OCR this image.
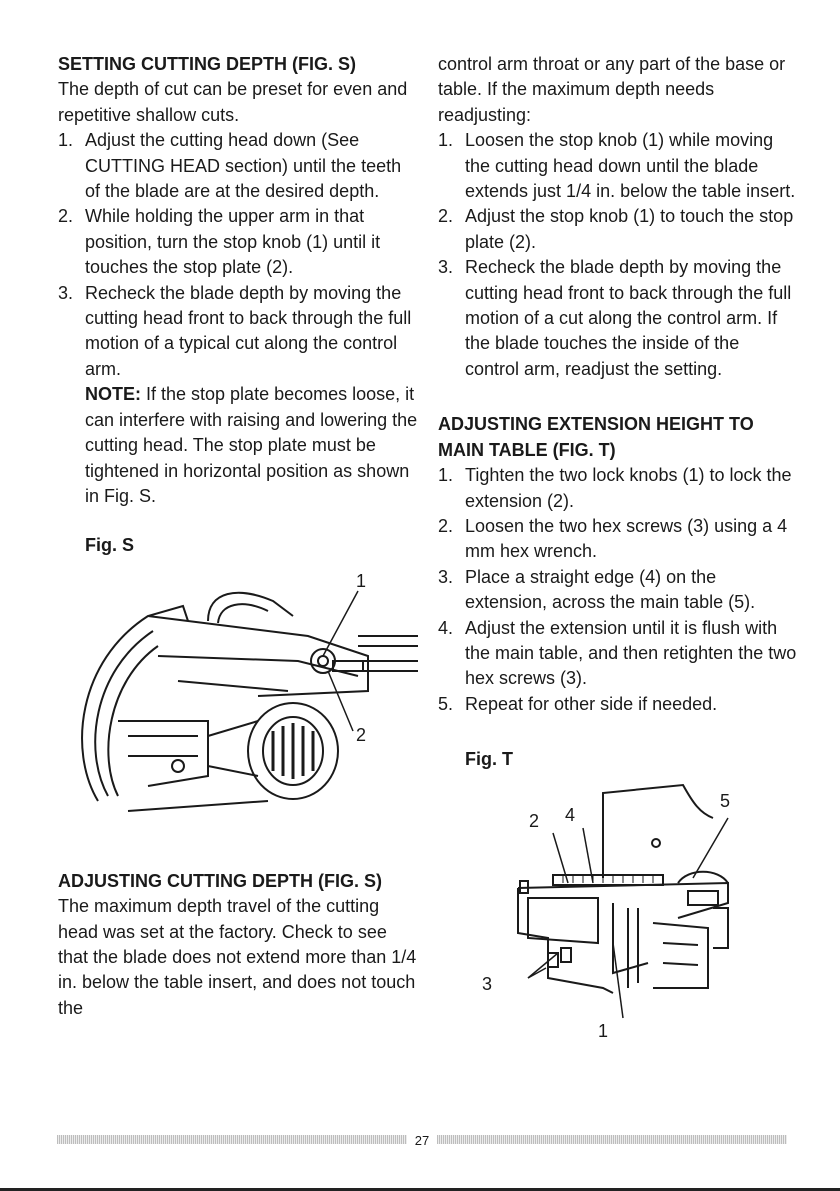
SETTING CUTTING DEPTH (FIG. S)

The depth of cut can be preset for even and repetitive shallow cuts.

1. Adjust the cutting head down (See CUTTING HEAD section) until the teeth of the blade are at the desired depth.
2. While holding the upper arm in that position, turn the stop knob (1) until it touches the stop plate (2).
3. Recheck the blade depth by moving the cutting head front to back through the full motion of a typical cut along the control arm.
NOTE: If the stop plate becomes loose, it can interfere with raising and lowering the cutting head. The stop plate must be tightened in horizontal position as shown in Fig. S.

Fig. S

1
2
ADJUSTING CUTTING DEPTH (FIG. S)

The maximum depth travel of the cutting head was set at the factory. Check to see that the blade does not extend more than 1/4 in. below the table insert, and does not touch the

control arm throat or any part of the base or table. If the maximum depth needs readjusting:

1. Loosen the stop knob (1) while moving the cutting head down until the blade extends just 1/4 in. below the table insert.
2. Adjust the stop knob (1) to touch the stop plate (2).
3. Recheck the blade depth by moving the cutting head front to back through the full motion of a cut along the control arm. If the blade touches the inside of the control arm, readjust the setting.
ADJUSTING EXTENSION HEIGHT TO MAIN TABLE (FIG. T)
1. Tighten the two lock knobs (1) to lock the extension (2).
2. Loosen the two hex screws (3) using a 4 mm hex wrench.
3. Place a straight edge (4) on the extension, across the main table (5).
4. Adjust the extension until it is flush with the main table, and then retighten the two hex screws (3).
5. Repeat for other side if needed.

Fig. T

2 4
5
3
1
27
